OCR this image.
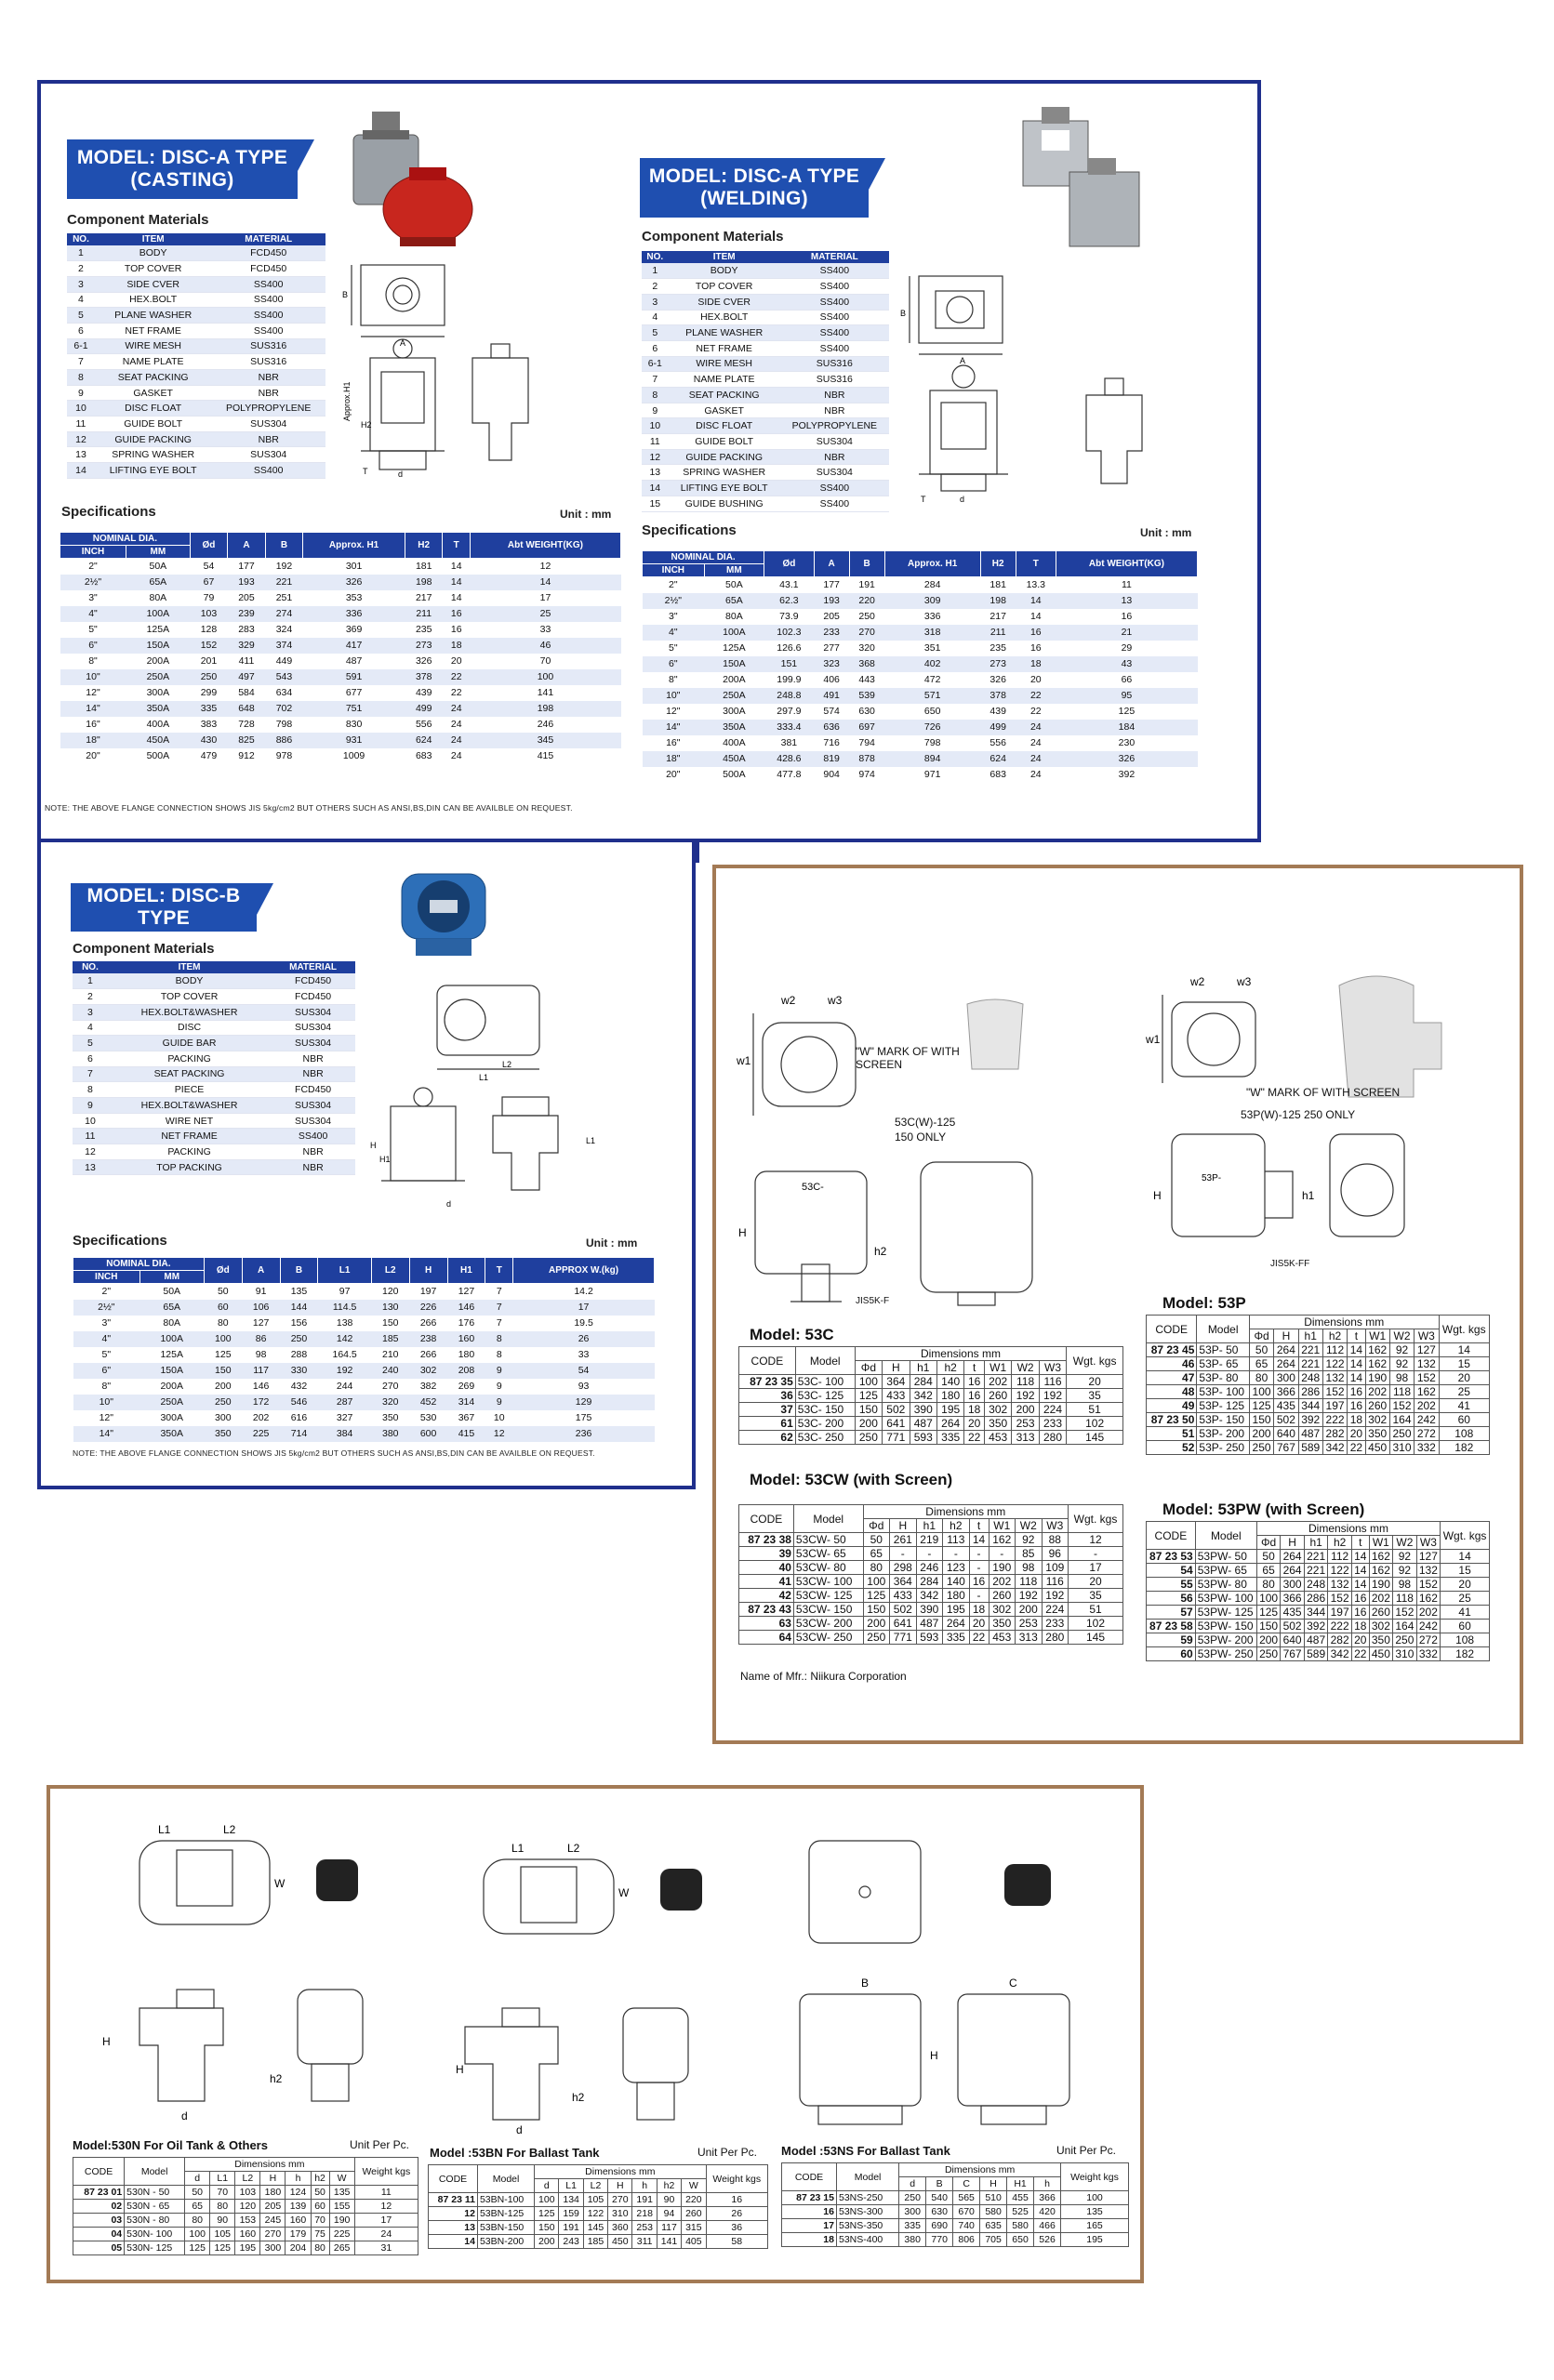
MODEL: DISC-A TYPE
(CASTING)
Component Materials
NO.	ITEM	MATERIAL
1	BODY	FCD450
2	TOP COVER	FCD450
3	SIDE CVER	SS400
4	HEX.BOLT	SS400
5	PLANE WASHER	SS400
6	NET FRAME	SS400
6-1	WIRE MESH	SUS316
7	NAME PLATE	SUS316
8	SEAT PACKING	NBR
9	GASKET	NBR
10	DISC FLOAT	POLYPROPYLENE
11	GUIDE BOLT	SUS304
12	GUIDE PACKING	NBR
13	SPRING WASHER	SUS304
14	LIFTING EYE BOLT	SS400
B
A
Approx.H1
H2
d
T
Specifications	Unit : mm
NOMINAL DIA.		Ød	A	B	Approx. H1	H2	T	Abt WEIGHT(KG)
INCH	MM							
2"	50A	54	177	192	301	181	14	12
2½"	65A	67	193	221	326	198	14	14
3"	80A	79	205	251	353	217	14	17
4"	100A	103	239	274	336	211	16	25
5"	125A	128	283	324	369	235	16	33
6"	150A	152	329	374	417	273	18	46
8"	200A	201	411	449	487	326	20	70
10"	250A	250	497	543	591	378	22	100
12"	300A	299	584	634	677	439	22	141
14"	350A	335	648	702	751	499	24	198
16"	400A	383	728	798	830	556	24	246
18"	450A	430	825	886	931	624	24	345
20"	500A	479	912	978	1009	683	24	415
NOTE: THE ABOVE FLANGE CONNECTION SHOWS JIS 5kg/cm2 BUT OTHERS SUCH AS ANSI,BS,DIN CAN BE AVAILBLE ON REQUEST.
MODEL: DISC-A TYPE
(WELDING)
Component Materials
NO.	ITEM	MATERIAL
1	BODY	SS400
2	TOP COVER	SS400
3	SIDE CVER	SS400
4	HEX.BOLT	SS400
5	PLANE WASHER	SS400
6	NET FRAME	SS400
6-1	WIRE MESH	SUS316
7	NAME PLATE	SUS316
8	SEAT PACKING	NBR
9	GASKET	NBR
10	DISC FLOAT	POLYPROPYLENE
11	GUIDE BOLT	SUS304
12	GUIDE PACKING	NBR
13	SPRING WASHER	SUS304
14	LIFTING EYE BOLT	SS400
15	GUIDE BUSHING	SS400
B
A
T	d
Specifications	Unit : mm
NOMINAL DIA.		Ød	A	B	Approx. H1	H2	T	Abt WEIGHT(KG)
INCH	MM							
2"	50A	43.1	177	191	284	181	13.3	11
2½"	65A	62.3	193	220	309	198	14	13
3"	80A	73.9	205	250	336	217	14	16
4"	100A	102.3	233	270	318	211	16	21
5"	125A	126.6	277	320	351	235	16	29
6"	150A	151	323	368	402	273	18	43
8"	200A	199.9	406	443	472	326	20	66
10"	250A	248.8	491	539	571	378	22	95
12"	300A	297.9	574	630	650	439	22	125
14"	350A	333.4	636	697	726	499	24	184
16"	400A	381	716	794	798	556	24	230
18"	450A	428.6	819	878	894	624	24	326
20"	500A	477.8	904	974	971	683	24	392
MODEL: DISC-B TYPE
Component Materials
NO.	ITEM	MATERIAL
1	BODY	FCD450
2	TOP COVER	FCD450
3	HEX.BOLT&WASHER	SUS304
4	DISC	SUS304
5	GUIDE BAR	SUS304
6	PACKING	NBR
7	SEAT PACKING	NBR
8	PIECE	FCD450
9	HEX.BOLT&WASHER	SUS304
10	WIRE NET	SUS304
11	NET FRAME	SS400
12	PACKING	NBR
13	TOP PACKING	NBR
L1
L2
H
H1
d
L1
Specifications	Unit : mm
NOMINAL DIA.		Ød	A	B	L1	L2	H	H1	T	APPROX W.(kg)
INCH	MM									
2"	50A	50	91	135	97	120	197	127	7	14.2
2½"	65A	60	106	144	114.5	130	226	146	7	17
3"	80A	80	127	156	138	150	266	176	7	19.5
4"	100A	100	86	250	142	185	238	160	8	26
5"	125A	125	98	288	164.5	210	266	180	8	33
6"	150A	150	117	330	192	240	302	208	9	54
8"	200A	200	146	432	244	270	382	269	9	93
10"	250A	250	172	546	287	320	452	314	9	129
12"	300A	300	202	616	327	350	530	367	10	175
14"	350A	350	225	714	384	380	600	415	12	236
NOTE: THE ABOVE FLANGE CONNECTION SHOWS JIS 5kg/cm2 BUT OTHERS SUCH AS ANSI,BS,DIN CAN BE AVAILBLE ON REQUEST.
w2	w3
w1
H
53C-
h2
"W" MARK OF WITH SCREEN
53C(W)-125
150 ONLY
JIS5K-F
w2	w3
w1
H
53P-
h1
"W" MARK OF WITH SCREEN
53P(W)-125 250 ONLY
JIS5K-FF
Model: 53C
CODE	Model	Dimensions mm								Wgt. kgs
		Φd	H	h1	h2	t	W1	W2	W3	
87 23 35	53C- 100	100	364	284	140	16	202	118	116	20
36	53C- 125	125	433	342	180	16	260	192	192	35
37	53C- 150	150	502	390	195	18	302	200	224	51
61	53C- 200	200	641	487	264	20	350	253	233	102
62	53C- 250	250	771	593	335	22	453	313	280	145
Model: 53CW (with Screen)
CODE	Model	Dimensions mm								Wgt. kgs
		Φd	H	h1	h2	t	W1	W2	W3	
87 23 38	53CW- 50	50	261	219	113	14	162	92	88	12
39	53CW- 65	65	-	-	-	-	-	85	96	-
40	53CW- 80	80	298	246	123	-	190	98	109	17
41	53CW- 100	100	364	284	140	16	202	118	116	20
42	53CW- 125	125	433	342	180	-	260	192	192	35
87 23 43	53CW- 150	150	502	390	195	18	302	200	224	51
63	53CW- 200	200	641	487	264	20	350	253	233	102
64	53CW- 250	250	771	593	335	22	453	313	280	145
Name of Mfr.: Niikura Corporation
Model: 53P
CODE	Model	Dimensions mm								Wgt. kgs
		Φd	H	h1	h2	t	W1	W2	W3	
87 23 45	53P- 50	50	264	221	112	14	162	92	127	14
46	53P- 65	65	264	221	122	14	162	92	132	15
47	53P- 80	80	300	248	132	14	190	98	152	20
48	53P- 100	100	366	286	152	16	202	118	162	25
49	53P- 125	125	435	344	197	16	260	152	202	41
87 23 50	53P- 150	150	502	392	222	18	302	164	242	60
51	53P- 200	200	640	487	282	20	350	250	272	108
52	53P- 250	250	767	589	342	22	450	310	332	182
Model: 53PW (with Screen)
CODE	Model	Dimensions mm								Wgt. kgs
		Φd	H	h1	h2	t	W1	W2	W3	
87 23 53	53PW- 50	50	264	221	112	14	162	92	127	14
54	53PW- 65	65	264	221	122	14	162	92	132	15
55	53PW- 80	80	300	248	132	14	190	98	152	20
56	53PW- 100	100	366	286	152	16	202	118	162	25
57	53PW- 125	125	435	344	197	16	260	152	202	41
87 23 58	53PW- 150	150	502	392	222	18	302	164	242	60
59	53PW- 200	200	640	487	282	20	350	250	272	108
60	53PW- 250	250	767	589	342	22	450	310	332	182
L1	L2
W
H
d
h2
L1	L2
W
H
d
h2
B	C
H
Model:530N For Oil Tank & Others	Unit Per Pc.
CODE	Model	Dimensions mm							Weight kgs
		d	L1	L2	H	h	h2	W	
87 23 01	530N - 50	50	70	103	180	124	50	135	11
02	530N - 65	65	80	120	205	139	60	155	12
03	530N - 80	80	90	153	245	160	70	190	17
04	530N- 100	100	105	160	270	179	75	225	24
05	530N- 125	125	125	195	300	204	80	265	31
Model :53BN For Ballast Tank	Unit Per Pc.
CODE	Model	Dimensions mm							Weight kgs
		d	L1	L2	H	h	h2	W	
87 23 11	53BN-100	100	134	105	270	191	90	220	16
12	53BN-125	125	159	122	310	218	94	260	26
13	53BN-150	150	191	145	360	253	117	315	36
14	53BN-200	200	243	185	450	311	141	405	58
Model :53NS For Ballast Tank	Unit Per Pc.
CODE	Model	Dimensions mm						Weight kgs
		d	B	C	H	H1	h	
87 23 15	53NS-250	250	540	565	510	455	366	100
16	53NS-300	300	630	670	580	525	420	135
17	53NS-350	335	690	740	635	580	466	165
18	53NS-400	380	770	806	705	650	526	195
